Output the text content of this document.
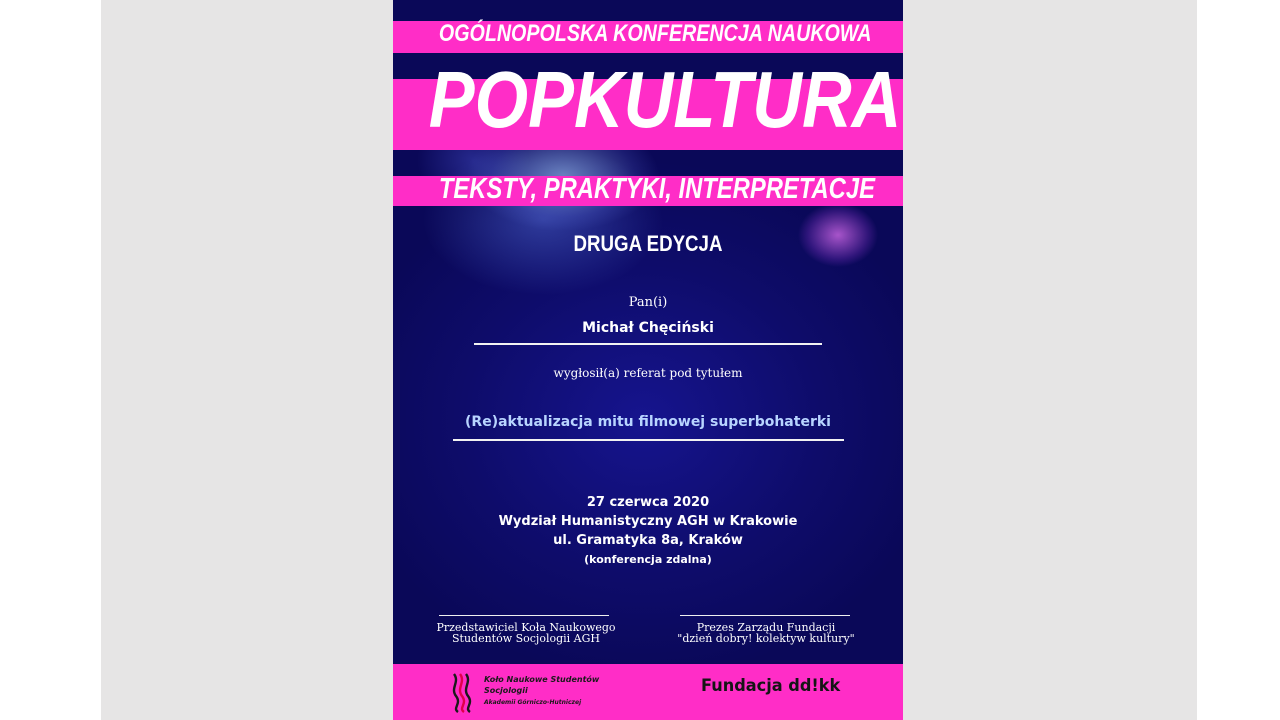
OGÓLNOPOLSKA KONFERENCJA NAUKOWA
POPKULTURA
TEKSTY, PRAKTYKI, INTERPRETACJE
DRUGA EDYCJA
Pan(i)
Michał Chęciński
wygłosił(a) referat pod tytułem
(Re)aktualizacja mitu filmowej superbohaterki
27 czerwca 2020
Wydział Humanistyczny AGH w Krakowie
ul. Gramatyka 8a, Kraków
(konferencja zdalna)
Przedstawiciel Koła Naukowego
Studentów Socjologii AGH
Prezes Zarządu Fundacji
"dzień dobry! kolektyw kultury"
Koło Naukowe Studentów
Socjologii
Akademii Górniczo-Hutniczej
Fundacja dd!kk
